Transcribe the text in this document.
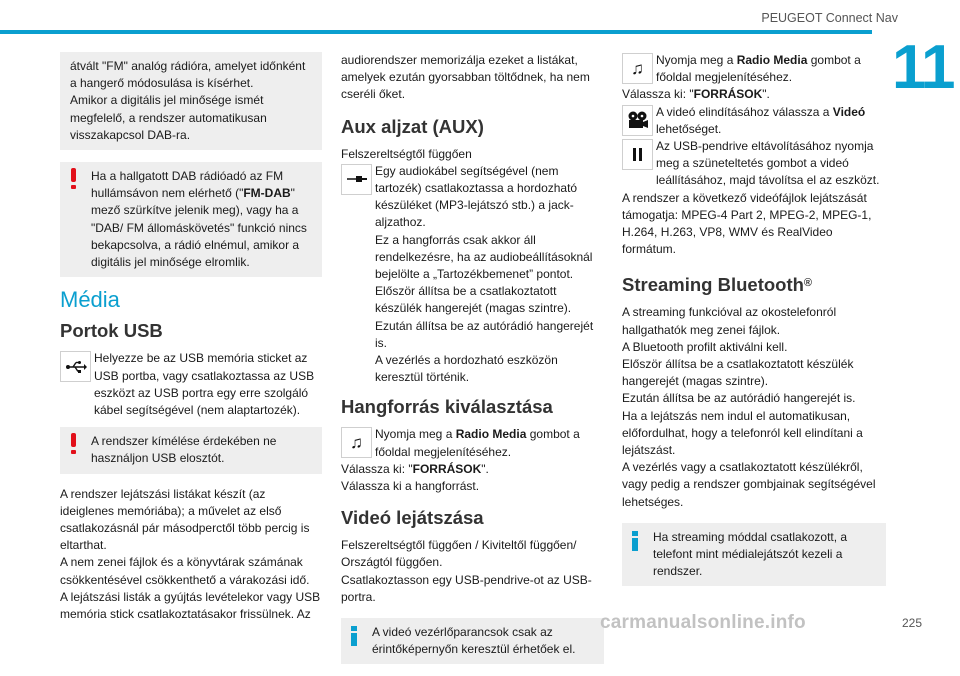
PEUGEOT Connect Nav
11

átvált "FM" analóg rádióra, amelyet időnként a hangerő módosulása is kísérhet.
Amikor a digitális jel minősége ismét megfelelő, a rendszer automatikusan visszakapcsol DAB-ra.

Ha a hallgatott DAB rádióadó az FM hullámsávon nem elérhető ("FM-DAB" mező szürkítve jelenik meg), vagy ha a "DAB/ FM állomáskövetés" funkció nincs bekapcsolva, a rádió elnémul, amikor a digitális jel minősége elromlik.

Média
Portok USB

Helyezze be az USB memória sticket az USB portba, vagy csatlakoztassa az USB eszközt az USB portra egy erre szolgáló kábel segítségével (nem alaptartozék).

A rendszer kímélése érdekében ne használjon USB elosztót.

A rendszer lejátszási listákat készít (az ideiglenes memóriába); a művelet az első csatlakozásnál pár másodperctől több percig is eltarthat.
A nem zenei fájlok és a könyvtárak számának csökkentésével csökkenthető a várakozási idő.
A lejátszási listák a gyújtás levételekor vagy USB memória stick csatlakoztatásakor frissülnek. Az

audiorendszer memorizálja ezeket a listákat, amelyek ezután gyorsabban töltődnek, ha nem cseréli őket.

Aux aljzat (AUX)

Felszereltségtől függően

Egy audiokábel segítségével (nem tartozék) csatlakoztassa a hordozható készüléket (MP3-lejátszó stb.) a jack-aljzathoz.
Ez a hangforrás csak akkor áll rendelkezésre, ha az audiobeállításoknál bejelölte a „Tartozékbemenet” pontot.
Először állítsa be a csatlakoztatott készülék hangerejét (magas szintre). Ezután állítsa be az autórádió hangerejét is.
A vezérlés a hordozható eszközön keresztül történik.

Hangforrás kiválasztása
♫	Nyomja meg a Radio Media gombot a főoldal megjelenítéséhez.

Válassza ki: "FORRÁSOK".

Válassza ki a hangforrást.

Videó lejátszása

Felszereltségtől függően / Kiviteltől függően/ Országtól függően.

Csatlakoztasson egy USB-pendrive-ot az USB-portra.

A videó vezérlőparancsok csak az érintőképernyőn keresztül érhetőek el.

♫	Nyomja meg a Radio Media gombot a főoldal megjelenítéséhez.

Válassza ki: "FORRÁSOK".

A videó elindításához válassza a Videó lehetőséget.

Az USB-pendrive eltávolításához nyomja meg a szüneteltetés gombot a videó leállításához, majd távolítsa el az eszközt.

A rendszer a következő videófájlok lejátszását támogatja: MPEG-4 Part 2, MPEG-2, MPEG-1, H.264, H.263, VP8, WMV és RealVideo formátum.

Streaming Bluetooth®

A streaming funkcióval az okostelefonról hallgathatók meg zenei fájlok.
A Bluetooth profilt aktiválni kell.
Először állítsa be a csatlakoztatott készülék hangerejét (magas szintre).
Ezután állítsa be az autórádió hangerejét is.
Ha a lejátszás nem indul el automatikusan, előfordulhat, hogy a telefonról kell elindítani a lejátszást.
A vezérlés vagy a csatlakoztatott készülékről, vagy pedig a rendszer gombjainak segítségével lehetséges.

Ha streaming móddal csatlakozott, a telefont mint médialejátszót kezeli a rendszer.

carmanualsonline.info	225
